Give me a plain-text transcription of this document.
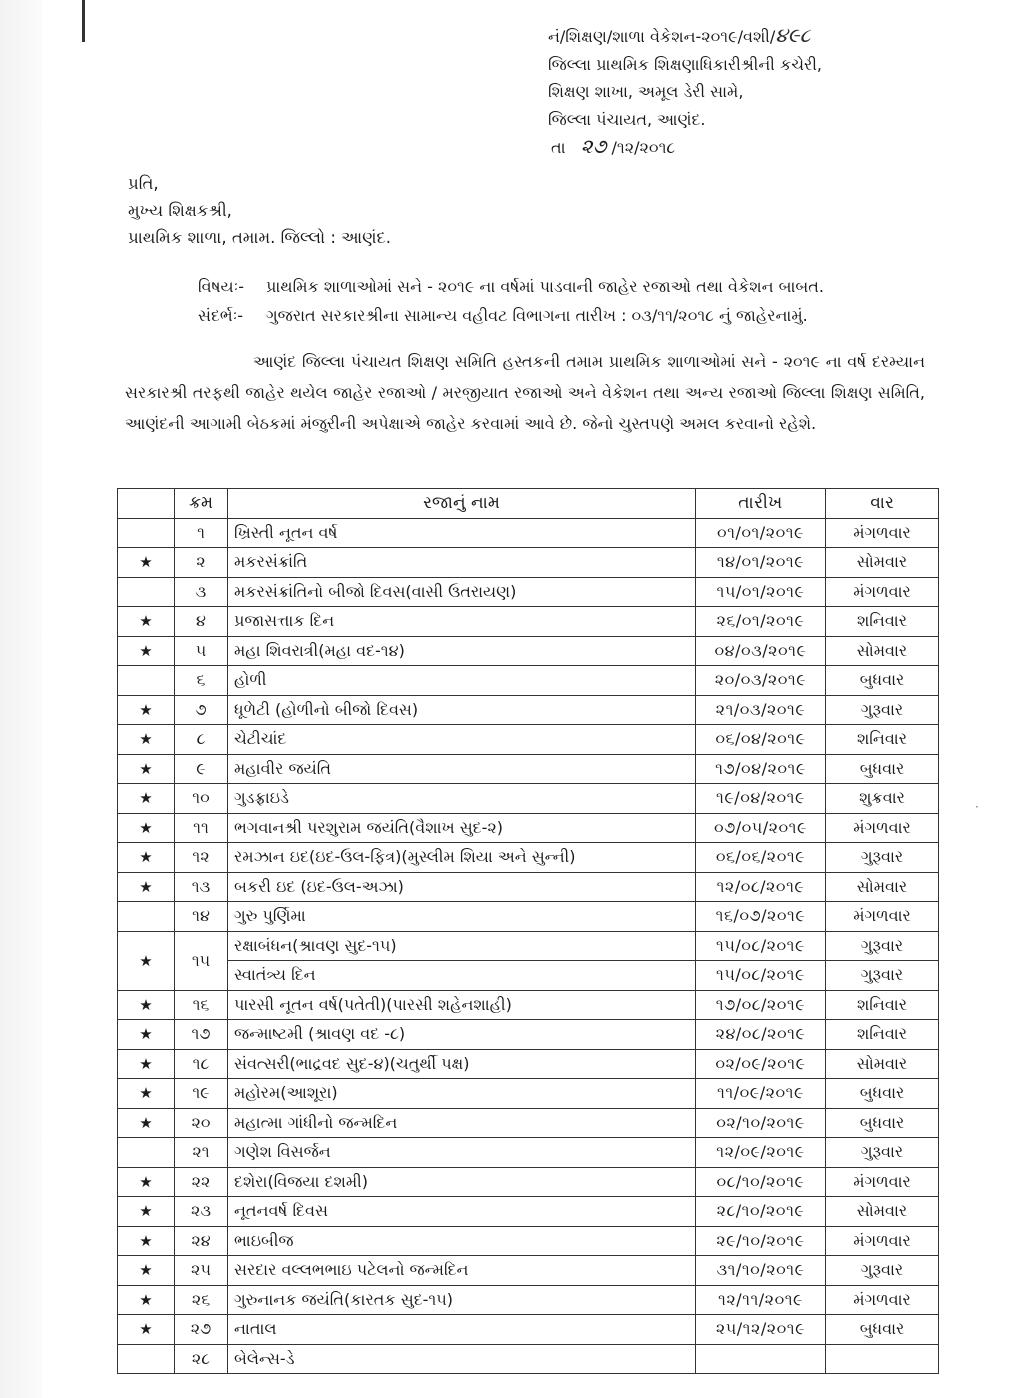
નં/શિક્ષણ/શાળા વેકેશન-૨૦૧૯/વશી/૪૯૮
જિલ્લા પ્રાથમિક શિક્ષણાધિકારીશ્રીની કચેરી,
શિક્ષણ શાખા, અમૂલ ડેરી સામે,
જિલ્લા પંચાયત, આણંદ.
તા ૨૭ /૧૨/૨૦૧૮
પ્રતિ,
મુખ્ય શિક્ષકશ્રી,
પ્રાથમિક શાળા, તમામ. જિલ્લો : આણંદ.
વિષયઃ- પ્રાથમિક શાળાઓમાં સને - ૨૦૧૯ ના વર્ષમાં પાડવાની જાહેર રજાઓ તથા વેકેશન બાબત.
સંદર્ભઃ- ગુજરાત સરકારશ્રીના સામાન્ય વહીવટ વિભાગના તારીખ : ૦૩/૧૧/૨૦૧૮ નું જાહેરનામું.
આણંદ જિલ્લા પંચાયત શિક્ષણ સમિતિ હસ્તકની તમામ પ્રાથમિક શાળાઓમાં સને - ૨૦૧૯ ના વર્ષ દરમ્યાન સરકારશ્રી તરફથી જાહેર થયેલ જાહેર રજાઓ / મરજીયાત રજાઓ અને વેકેશન તથા અન્ય રજાઓ જિલ્લા શિક્ષણ સમિતિ, આણંદની આગામી બેઠકમાં મંજુરીની અપેક્ષાએ જાહેર કરવામાં આવે છે. જેનો ચુસ્તપણે અમલ કરવાનો રહેશે.
	ક્રમ	રજાનું નામ	તારીખ	વાર
	૧	ખ્રિસ્તી નૂતન વર્ષ	૦૧/૦૧/૨૦૧૯	મંગળવાર
★	૨	મકરસંક્રાંતિ	૧૪/૦૧/૨૦૧૯	સોમવાર
	૩	મકરસંક્રાંતિનો બીજો દિવસ(વાસી ઉતરાયણ)	૧૫/૦૧/૨૦૧૯	મંગળવાર
★	૪	પ્રજાસત્તાક દિન	૨૬/૦૧/૨૦૧૯	શનિવાર
★	૫	મહા શિવરાત્રી(મહા વદ-૧૪)	૦૪/૦૩/૨૦૧૯	સોમવાર
	૬	હોળી	૨૦/૦૩/૨૦૧૯	બુધવાર
★	૭	ધૂળેટી (હોળીનો બીજો દિવસ)	૨૧/૦૩/૨૦૧૯	ગુરૂવાર
★	૮	ચેટીચાંદ	૦૬/૦૪/૨૦૧૯	શનિવાર
★	૯	મહાવીર જયંતિ	૧૭/૦૪/૨૦૧૯	બુધવાર
★	૧૦	ગુડફ્રાઇડે	૧૯/૦૪/૨૦૧૯	શુક્રવાર
★	૧૧	ભગવાનશ્રી પરશુરામ જયંતિ(વૈશાખ સુદ-૨)	૦૭/૦૫/૨૦૧૯	મંગળવાર
★	૧૨	રમઝાન ઇદ(ઇદ-ઉલ-ફિત્ર)(મુસ્લીમ શિયા અને સુન્ની)	૦૬/૦૬/૨૦૧૯	ગુરૂવાર
★	૧૩	બકરી ઇદ (ઇદ-ઉલ-અઝા)	૧૨/૦૮/૨૦૧૯	સોમવાર
	૧૪	ગુરુ પુર્ણિમા	૧૬/૦૭/૨૦૧૯	મંગળવાર
★	૧૫	રક્ષાબંધન(શ્રાવણ સુદ-૧૫)	૧૫/૦૮/૨૦૧૯	ગુરૂવાર
		સ્વાતંત્ર્ય દિન	૧૫/૦૮/૨૦૧૯	ગુરૂવાર
★	૧૬	પારસી નૂતન વર્ષ(પતેતી)(પારસી શહેનશાહી)	૧૭/૦૮/૨૦૧૯	શનિવાર
★	૧૭	જન્માષ્ટમી (શ્રાવણ વદ -૮)	૨૪/૦૮/૨૦૧૯	શનિવાર
★	૧૮	સંવત્સરી(ભાદ્રવદ સુદ-૪)(ચતુર્થી પક્ષ)	૦૨/૦૯/૨૦૧૯	સોમવાર
★	૧૯	મહોરમ(આશૂરા)	૧૧/૦૯/૨૦૧૯	બુધવાર
★	૨૦	મહાત્મા ગાંધીનો જન્મદિન	૦૨/૧૦/૨૦૧૯	બુધવાર
	૨૧	ગણેશ વિસર્જન	૧૨/૦૯/૨૦૧૯	ગુરૂવાર
★	૨૨	દશેરા(વિજયા દશમી)	૦૮/૧૦/૨૦૧૯	મંગળવાર
★	૨૩	નૂતનવર્ષ દિવસ	૨૮/૧૦/૨૦૧૯	સોમવાર
★	૨૪	ભાઇબીજ	૨૯/૧૦/૨૦૧૯	મંગળવાર
★	૨૫	સરદાર વલ્લભભાઇ પટેલનો જન્મદિન	૩૧/૧૦/૨૦૧૯	ગુરૂવાર
★	૨૬	ગુરુનાનક જયંતિ(કારતક સુદ-૧૫)	૧૨/૧૧/૨૦૧૯	મંગળવાર
★	૨૭	નાતાલ	૨૫/૧૨/૨૦૧૯	બુધવાર
	૨૮	બેલેન્સ-ડે		
·
